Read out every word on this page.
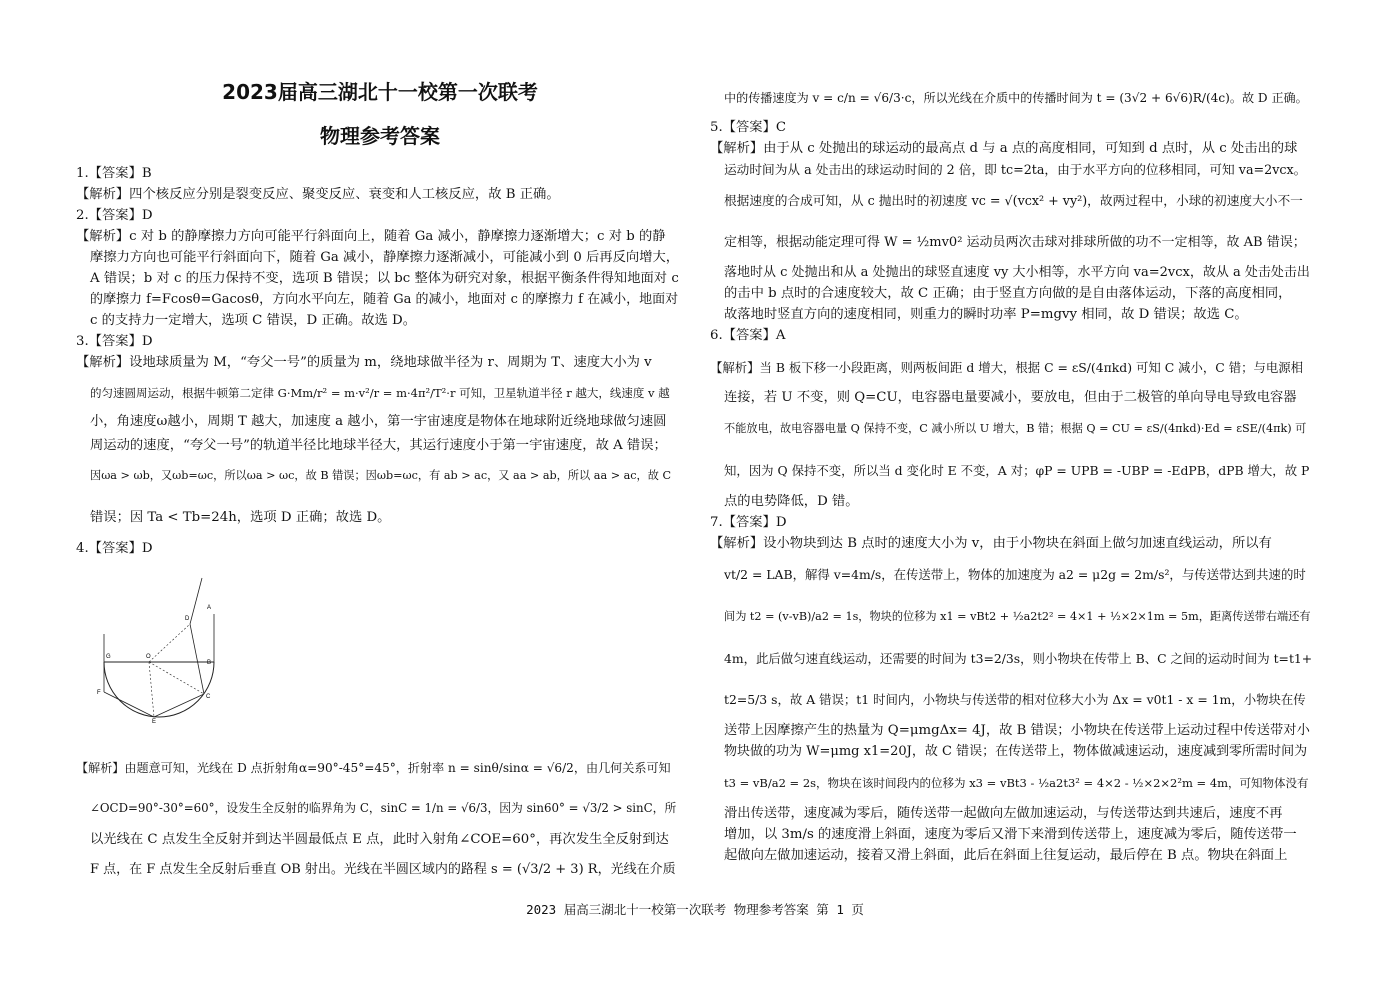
2023届高三湖北十一校第一次联考
物理参考答案
1.【答案】B
【解析】四个核反应分别是裂变反应、聚变反应、衰变和人工核反应，故 B 正确。
2.【答案】D
【解析】c 对 b 的静摩擦力方向可能平行斜面向上，随着 Ga 减小，静摩擦力逐渐增大；c 对 b 的静
摩擦力方向也可能平行斜面向下，随着 Ga 减小，静摩擦力逐渐减小，可能减小到 0 后再反向增大，
A 错误；b 对 c 的压力保持不变，选项 B 错误；以 bc 整体为研究对象，根据平衡条件得知地面对 c
的摩擦力 f=Fcosθ=Gacosθ，方向水平向左，随着 Ga 的减小，地面对 c 的摩擦力 f 在减小，地面对
c 的支持力一定增大，选项 C 错误，D 正确。故选 D。
3.【答案】D
【解析】设地球质量为 M，“夸父一号”的质量为 m，绕地球做半径为 r、周期为 T、速度大小为 v
的匀速圆周运动，根据牛顿第二定律 G·Mm/r² = m·v²/r = m·4π²/T²·r 可知，卫星轨道半径 r 越大，线速度 v 越
小，角速度ω越小，周期 T 越大，加速度 a 越小，第一宇宙速度是物体在地球附近绕地球做匀速圆
周运动的速度，“夸父一号”的轨道半径比地球半径大，其运行速度小于第一宇宙速度，故 A 错误；
因ωa > ωb，又ωb=ωc，所以ωa > ωc，故 B 错误；因ωb=ωc，有 ab > ac，又 aa > ab，所以 aa > ac，故 C
错误；因 Ta < Tb=24h，选项 D 正确；故选 D。
4.【答案】D
【解析】由题意可知，光线在 D 点折射角α=90°-45°=45°，折射率 n = sinθ/sinα = √6/2，由几何关系可知
∠OCD=90°-30°=60°，设发生全反射的临界角为 C，sinC = 1/n = √6/3，因为 sin60° = √3/2 > sinC，所
以光线在 C 点发生全反射并到达半圆最低点 E 点，此时入射角∠COE=60°，再次发生全反射到达
F 点，在 F 点发生全反射后垂直 OB 射出。光线在半圆区域内的路程 s = (√3/2 + 3) R，光线在介质
中的传播速度为 v = c/n = √6/3·c，所以光线在介质中的传播时间为 t = (3√2 + 6√6)R/(4c)。故 D 正确。
5.【答案】C
【解析】由于从 c 处抛出的球运动的最高点 d 与 a 点的高度相同，可知到 d 点时，从 c 处击出的球
运动时间为从 a 处击出的球运动时间的 2 倍，即 tc=2ta，由于水平方向的位移相同，可知 va=2vcx。
根据速度的合成可知，从 c 抛出时的初速度 vc = √(vcx² + vy²)，故两过程中，小球的初速度大小不一
定相等，根据动能定理可得 W = ½mv0² 运动员两次击球对排球所做的功不一定相等，故 AB 错误；
落地时从 c 处抛出和从 a 处抛出的球竖直速度 vy 大小相等，水平方向 va=2vcx，故从 a 处击处击出
的击中 b 点时的合速度较大，故 C 正确；由于竖直方向做的是自由落体运动，下落的高度相同，
故落地时竖直方向的速度相同，则重力的瞬时功率 P=mgvy 相同，故 D 错误；故选 C。
6.【答案】A
【解析】当 B 板下移一小段距离，则两板间距 d 增大，根据 C = εS/(4πkd) 可知 C 减小，C 错；与电源相
连接，若 U 不变，则 Q=CU，电容器电量要减小，要放电，但由于二极管的单向导电导致电容器
不能放电，故电容器电量 Q 保持不变，C 减小所以 U 增大，B 错；根据 Q = CU = εS/(4πkd)·Ed = εSE/(4πk) 可
知，因为 Q 保持不变，所以当 d 变化时 E 不变，A 对；φP = UPB = -UBP = -EdPB，dPB 增大，故 P
点的电势降低，D 错。
7.【答案】D
【解析】设小物块到达 B 点时的速度大小为 v，由于小物块在斜面上做匀加速直线运动，所以有
vt/2 = LAB，解得 v=4m/s，在传送带上，物体的加速度为 a2 = μ2g = 2m/s²，与传送带达到共速的时
间为 t2 = (v-vB)/a2 = 1s，物块的位移为 x1 = vBt2 + ½a2t2² = 4×1 + ½×2×1m = 5m，距离传送带右端还有
4m，此后做匀速直线运动，还需要的时间为 t3=2/3s，则小物块在传带上 B、C 之间的运动时间为 t=t1+
t2=5/3 s，故 A 错误；t1 时间内，小物块与传送带的相对位移大小为 Δx = v0t1 - x = 1m，小物块在传
送带上因摩擦产生的热量为 Q=μmgΔx= 4J，故 B 错误；小物块在传送带上运动过程中传送带对小
物块做的功为 W=μmg x1=20J，故 C 错误；在传送带上，物体做减速运动，速度减到零所需时间为
t3 = vB/a2 = 2s，物块在该时间段内的位移为 x3 = vBt3 - ½a2t3² = 4×2 - ½×2×2²m = 4m，可知物体没有
滑出传送带，速度减为零后，随传送带一起做向左做加速运动，与传送带达到共速后，速度不再
增加，以 3m/s 的速度滑上斜面，速度为零后又滑下来滑到传送带上，速度减为零后，随传送带一
起做向左做加速运动，接着又滑上斜面，此后在斜面上往复运动，最后停在 B 点。物块在斜面上
A
B
C
D
E
F
G	O
2023 届高三湖北十一校第一次联考 物理参考答案 第 1 页
